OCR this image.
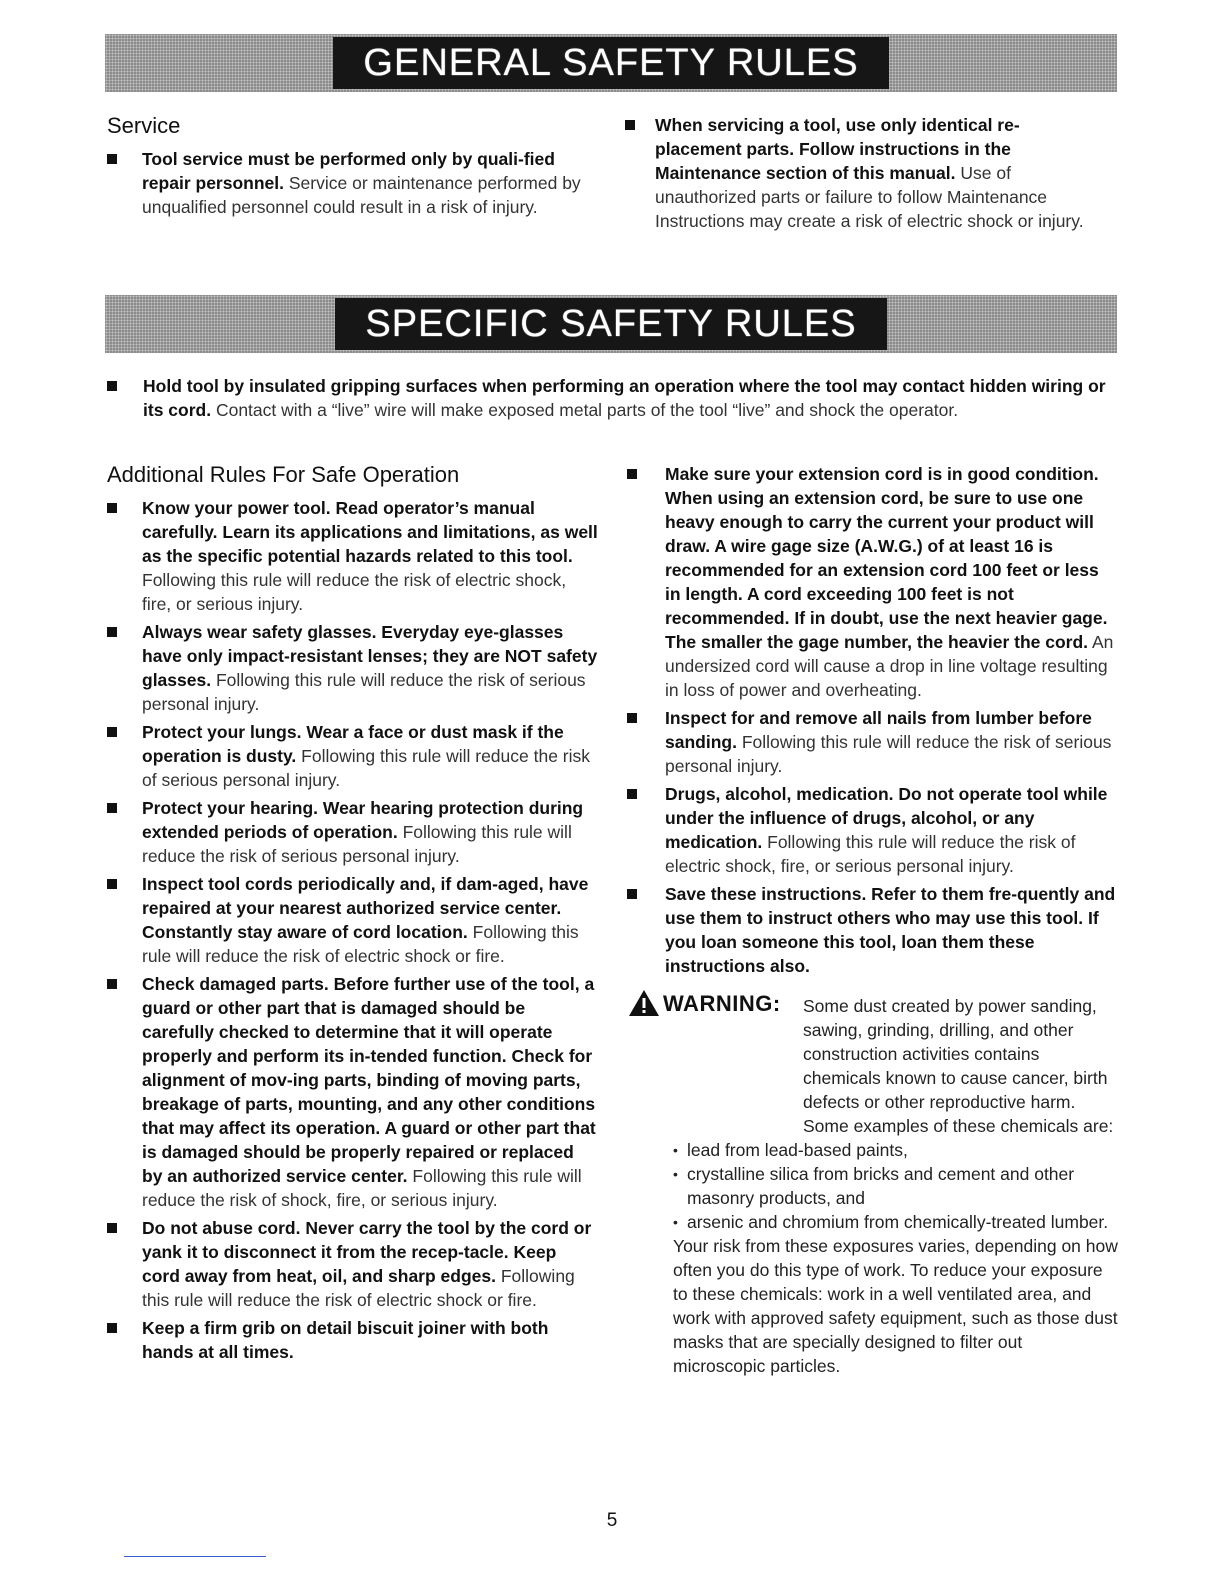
GENERAL SAFETY RULES
Service
Tool service must be performed only by quali-fied repair personnel. Service or maintenance performed by unqualified personnel could result in a risk of injury.
When servicing a tool, use only identical re-placement parts. Follow instructions in the Maintenance section of this manual. Use of unauthorized parts or failure to follow Maintenance Instructions may create a risk of electric shock or injury.
SPECIFIC SAFETY RULES
Hold tool by insulated gripping surfaces when performing an operation where the tool may contact hidden wiring or its cord. Contact with a “live” wire will make exposed metal parts of the tool “live” and shock the operator.
Additional Rules For Safe Operation
Know your power tool. Read operator’s manual carefully. Learn its applications and limitations, as well as the specific potential hazards related to this tool. Following this rule will reduce the risk of electric shock, fire, or serious injury.
Always wear safety glasses. Everyday eye-glasses have only impact-resistant lenses; they are NOT safety glasses. Following this rule will reduce the risk of serious personal injury.
Protect your lungs. Wear a face or dust mask if the operation is dusty. Following this rule will reduce the risk of serious personal injury.
Protect your hearing. Wear hearing protection during extended periods of operation. Following this rule will reduce the risk of serious personal injury.
Inspect tool cords periodically and, if dam-aged, have repaired at your nearest authorized service center. Constantly stay aware of cord location. Following this rule will reduce the risk of electric shock or fire.
Check damaged parts. Before further use of the tool, a guard or other part that is damaged should be carefully checked to determine that it will operate properly and perform its in-tended function. Check for alignment of mov-ing parts, binding of moving parts, breakage of parts, mounting, and any other conditions that may affect its operation. A guard or other part that is damaged should be properly repaired or replaced by an authorized service center. Following this rule will reduce the risk of shock, fire, or serious injury.
Do not abuse cord. Never carry the tool by the cord or yank it to disconnect it from the recep-tacle. Keep cord away from heat, oil, and sharp edges. Following this rule will reduce the risk of electric shock or fire.
Keep a firm grib on detail biscuit joiner with both hands at all times.
Make sure your extension cord is in good condition. When using an extension cord, be sure to use one heavy enough to carry the current your product will draw. A wire gage size (A.W.G.) of at least 16 is recommended for an extension cord 100 feet or less in length. A cord exceeding 100 feet is not recommended. If in doubt, use the next heavier gage. The smaller the gage number, the heavier the cord. An undersized cord will cause a drop in line voltage resulting in loss of power and overheating.
Inspect for and remove all nails from lumber before sanding. Following this rule will reduce the risk of serious personal injury.
Drugs, alcohol, medication. Do not operate tool while under the influence of drugs, alcohol, or any medication. Following this rule will reduce the risk of electric shock, fire, or serious personal injury.
Save these instructions. Refer to them fre-quently and use them to instruct others who may use this tool. If you loan someone this tool, loan them these instructions also.
WARNING:	Some dust created by power sanding, sawing, grinding, drilling, and other construction activities contains chemicals known to cause cancer, birth defects or other reproductive harm. Some examples of these chemicals are:

• lead from lead-based paints,
• crystalline silica from bricks and cement and other masonry products, and
• arsenic and chromium from chemically-treated lumber.

Your risk from these exposures varies, depending on how often you do this type of work. To reduce your exposure to these chemicals: work in a well ventilated area, and work with approved safety equipment, such as those dust masks that are specially designed to filter out microscopic particles.

5
